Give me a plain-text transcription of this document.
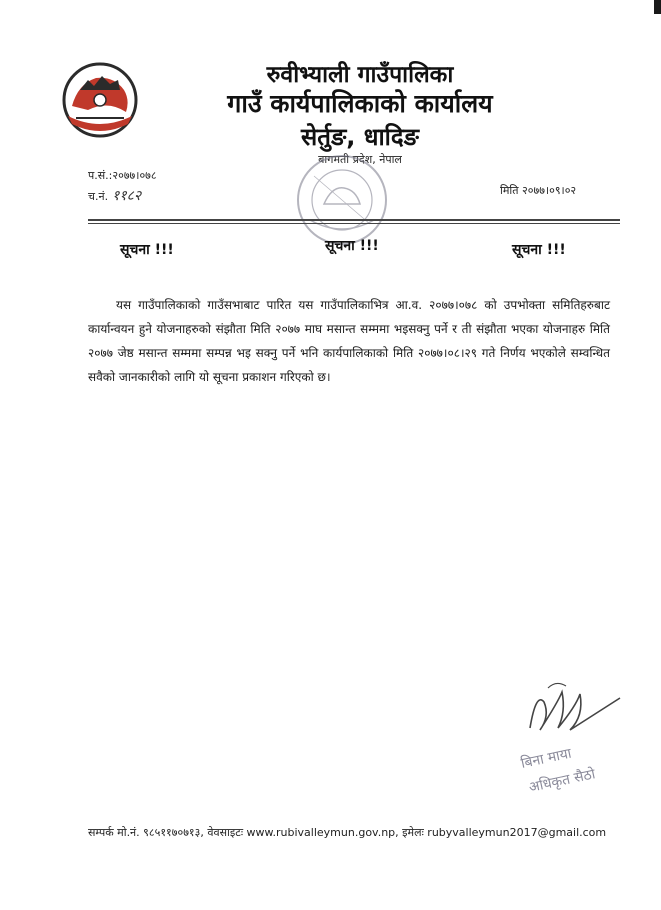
रुवीभ्याली गाउँपालिका
गाउँ कार्यपालिकाको कार्यालय
सेर्तुङ, धादिङ
बागमती प्रदेश, नेपाल
प.सं.:२०७७।०७८
च.नं. ११८२	मिति २०७७।०९।०२
सूचना !!!	सूचना !!!	सूचना !!!
यस गाउँपालिकाको गाउँसभाबाट पारित यस गाउँपालिकाभित्र आ.व. २०७७।०७८ को उपभोक्ता समितिहरुबाट कार्यान्वयन हुने योजनाहरुको संझौता मिति २०७७ माघ मसान्त सम्ममा भइसक्नु पर्ने र ती संझौता भएका योजनाहरु मिति २०७७ जेष्ठ मसान्त सम्ममा सम्पन्न भइ सक्नु पर्ने भनि कार्यपालिकाको मिति २०७७।०८।२९ गते निर्णय भएकोले सम्वन्धित सवैको जानकारीको लागि यो सूचना प्रकाशन गरिएको छ।
बिना माया
अधिकृत सैठो
सम्पर्क मो.नं. ९८५११७०७१३, वेवसाइटः www.rubivalleymun.gov.np, इमेलः rubyvalleymun2017@gmail.com
